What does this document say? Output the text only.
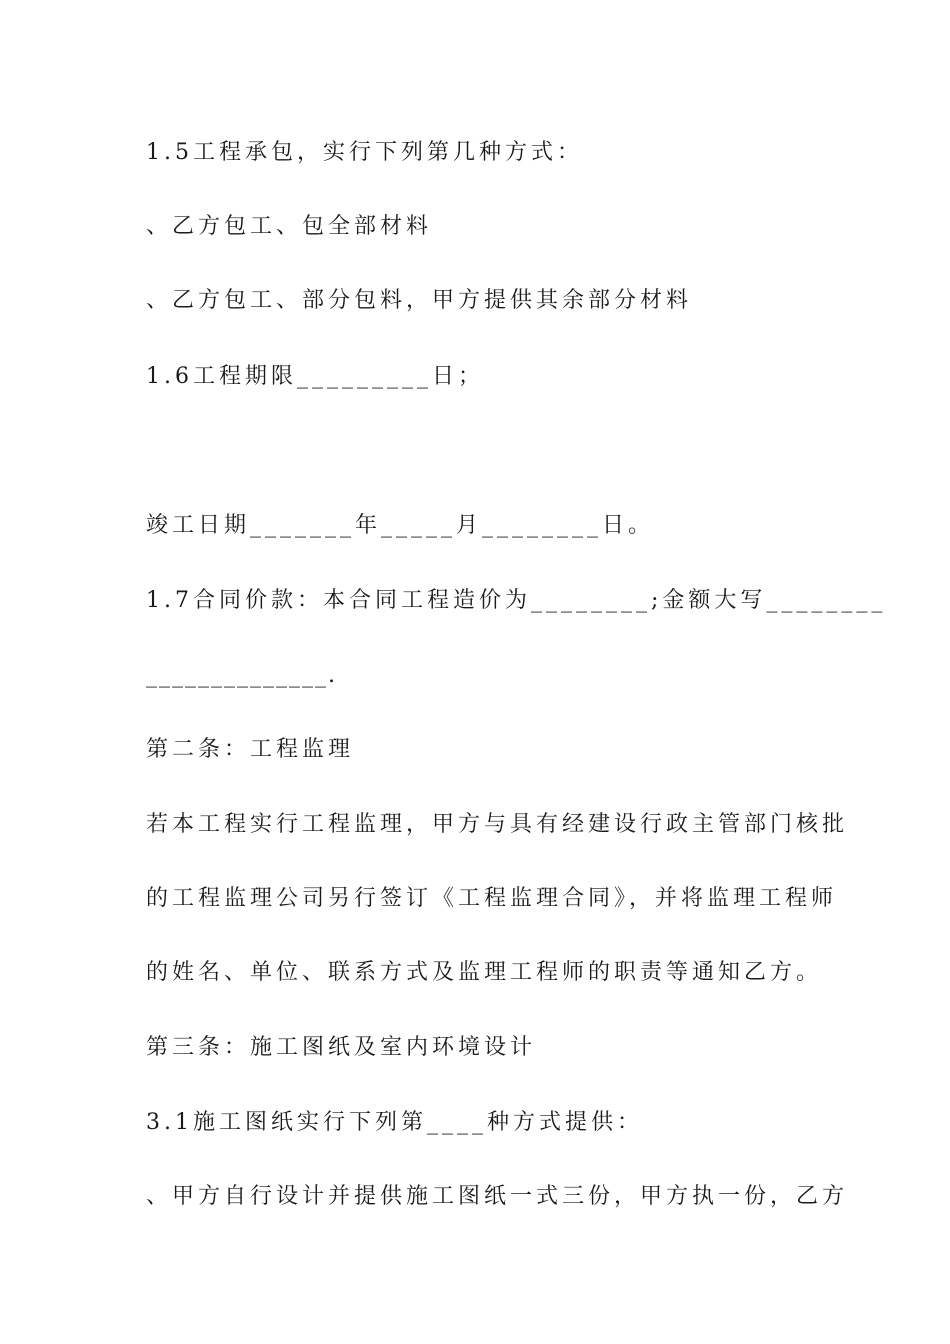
1.5工程承包，实行下列第几种方式：
、乙方包工、包全部材料
、乙方包工、部分包料，甲方提供其余部分材料
1.6工程期限_________日；
竣工日期_______年_____月________日。
1.7合同价款：本合同工程造价为________;金额大写________
______________.
第二条：工程监理
若本工程实行工程监理，甲方与具有经建设行政主管部门核批
的工程监理公司另行签订《工程监理合同》，并将监理工程师
的姓名、单位、联系方式及监理工程师的职责等通知乙方。
第三条：施工图纸及室内环境设计
3.1施工图纸实行下列第____种方式提供：
、甲方自行设计并提供施工图纸一式三份，甲方执一份，乙方
